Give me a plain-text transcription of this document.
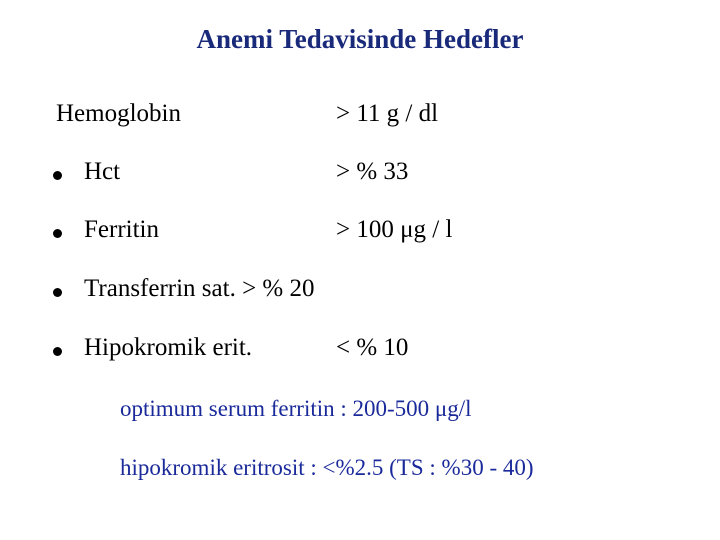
Anemi Tedavisinde Hedefler
Hemoglobin	> 11 g / dl
Hct	> % 33
Ferritin	> 100 μg / l
Transferrin sat. > % 20
Hipokromik erit.	< % 10
optimum serum ferritin : 200-500 μg/l
hipokromik eritrosit : <%2.5 (TS : %30 - 40)
